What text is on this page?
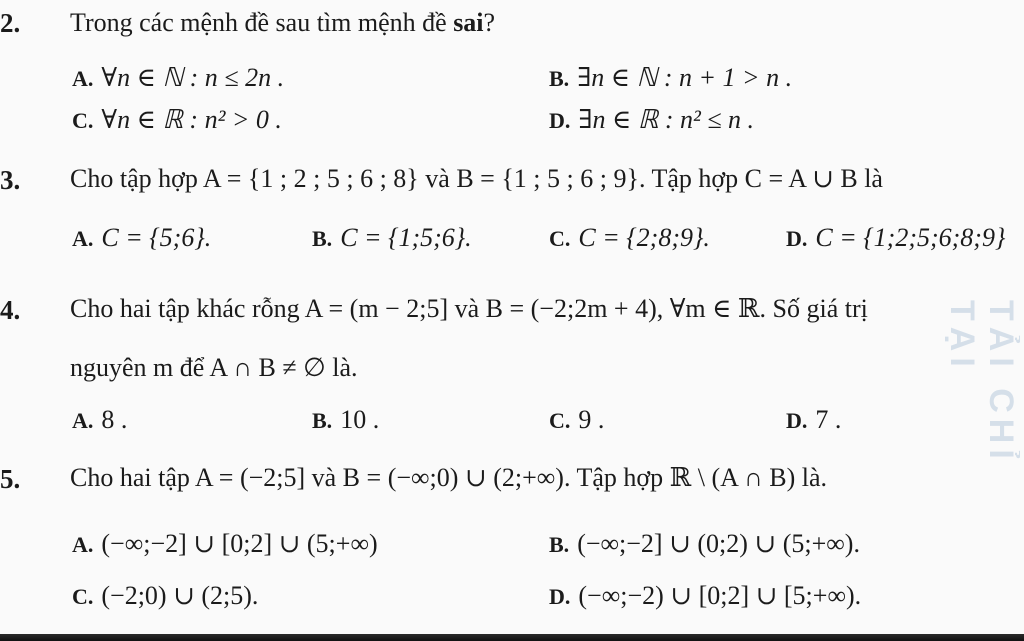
2. Trong các mệnh đề sau tìm mệnh đề sai?
A. ∀n ∈ ℕ : n ≤ 2n .	B. ∃n ∈ ℕ : n + 1 > n .
C. ∀n ∈ ℝ : n² > 0 .	D. ∃n ∈ ℝ : n² ≤ n .
3. Cho tập hợp A = {1 ; 2 ; 5 ; 6 ; 8} và B = {1 ; 5 ; 6 ; 9}. Tập hợp C = A ∪ B là
A. C = {5;6}.	B. C = {1;5;6}.	C. C = {2;8;9}.	D. C = {1;2;5;6;8;9}
4. Cho hai tập khác rỗng A = (m − 2;5] và B = (−2;2m + 4), ∀m ∈ ℝ. Số giá trị
nguyên m để A ∩ B ≠ ∅ là.
A. 8 .	B. 10 .	C. 9 .	D. 7 .
5. Cho hai tập A = (−2;5] và B = (−∞;0) ∪ (2;+∞). Tập hợp ℝ \ (A ∩ B) là.
A. (−∞;−2] ∪ [0;2] ∪ (5;+∞)	B. (−∞;−2] ∪ (0;2) ∪ (5;+∞).
C. (−2;0) ∪ (2;5).	D. (−∞;−2) ∪ [0;2] ∪ [5;+∞).
TẢI CHỈ TẠI
